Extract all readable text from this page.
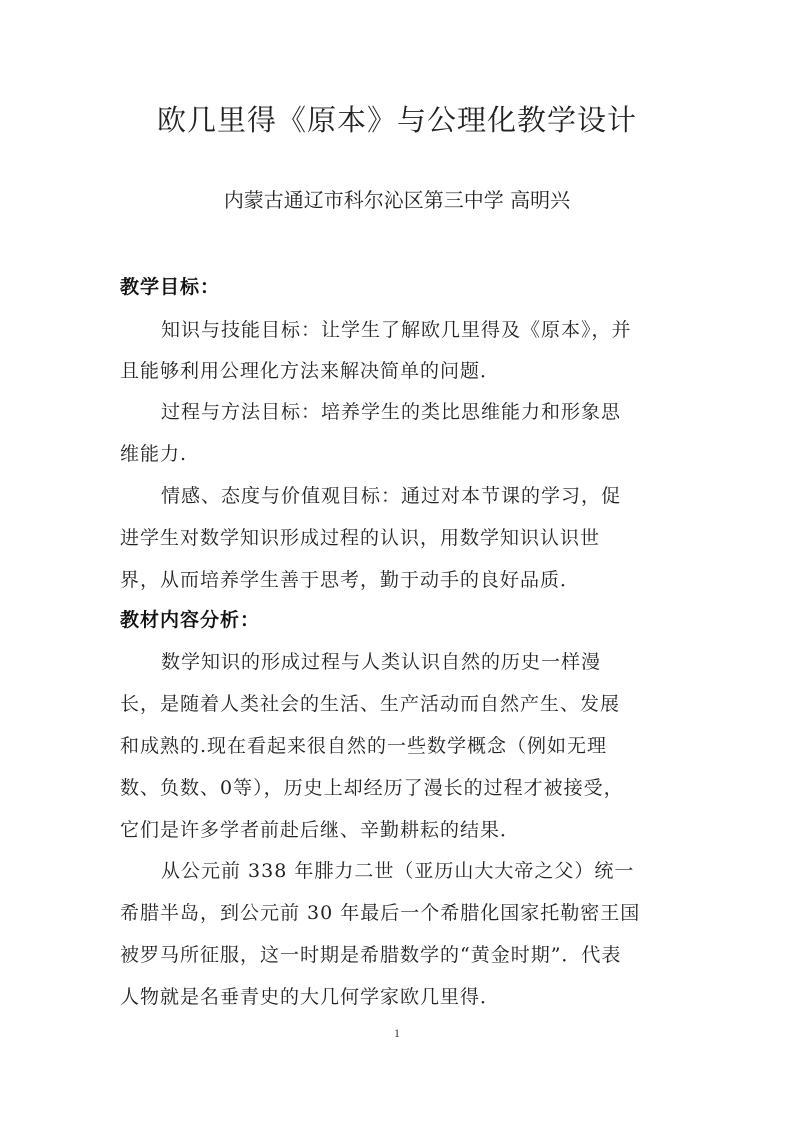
欧几里得《原本》与公理化教学设计
内蒙古通辽市科尔沁区第三中学 高明兴
教学目标：
知识与技能目标：让学生了解欧几里得及《原本》，并
且能够利用公理化方法来解决简单的问题．
过程与方法目标：培养学生的类比思维能力和形象思
维能力.
情感、态度与价值观目标：通过对本节课的学习，促
进学生对数学知识形成过程的认识，用数学知识认识世
界，从而培养学生善于思考，勤于动手的良好品质．
教材内容分析：
数学知识的形成过程与人类认识自然的历史一样漫
长，是随着人类社会的生活、生产活动而自然产生、发展
和成熟的.现在看起来很自然的一些数学概念（例如无理
数、负数、0等），历史上却经历了漫长的过程才被接受，
它们是许多学者前赴后继、辛勤耕耘的结果．
从公元前 338 年腓力二世（亚历山大大帝之父）统一
希腊半岛，到公元前 30 年最后一个希腊化国家托勒密王国
被罗马所征服，这一时期是希腊数学的“黄金时期”．代表
人物就是名垂青史的大几何学家欧几里得．
1
